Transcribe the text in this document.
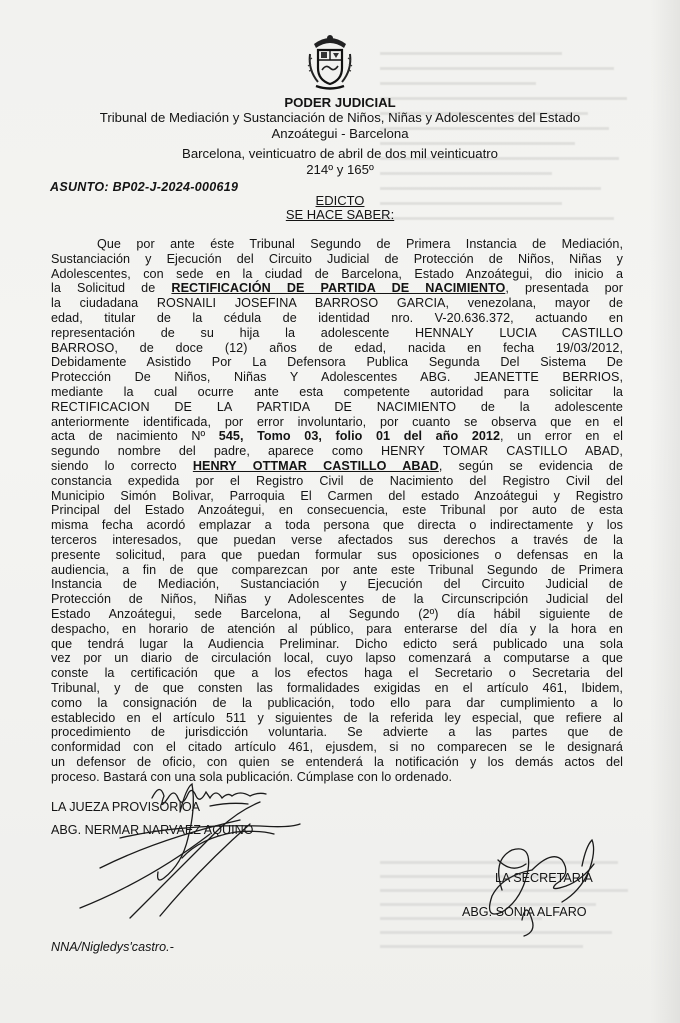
PODER JUDICIAL
Tribunal de Mediación y Sustanciación de Niños, Niñas y Adolescentes del Estado
Anzoátegui - Barcelona
Barcelona, veinticuatro de abril de dos mil veinticuatro
214º y 165º
ASUNTO: BP02-J-2024-000619
EDICTO
SE HACE SABER:
Que por ante éste Tribunal Segundo de Primera Instancia de Mediación,
Sustanciación y Ejecución del Circuito Judicial de Protección de Niños, Niñas y
Adolescentes, con sede en la ciudad de Barcelona, Estado Anzoátegui, dio inicio a
la Solicitud de RECTIFICACIÓN DE PARTIDA DE NACIMIENTO, presentada por
la ciudadana ROSNAILI JOSEFINA BARROSO GARCIA, venezolana, mayor de
edad, titular de la cédula de identidad nro. V-20.636.372, actuando en
representación de su hija la adolescente HENNALY LUCIA CASTILLO
BARROSO, de doce (12) años de edad, nacida en fecha 19/03/2012,
Debidamente Asistido Por La Defensora Publica Segunda Del Sistema De
Protección De Niños, Niñas Y Adolescentes ABG. JEANETTE BERRIOS,
mediante la cual ocurre ante esta competente autoridad para solicitar la
RECTIFICACION DE LA PARTIDA DE NACIMIENTO de la adolescente
anteriormente identificada, por error involuntario, por cuanto se observa que en el
acta de nacimiento Nº 545, Tomo 03, folio 01 del año 2012, un error en el
segundo nombre del padre, aparece como HENRY TOMAR CASTILLO ABAD,
siendo lo correcto HENRY OTTMAR CASTILLO ABAD, según se evidencia de
constancia expedida por el Registro Civil de Nacimiento del Registro Civil del
Municipio Simón Bolivar, Parroquia El Carmen del estado Anzoátegui y Registro
Principal del Estado Anzoátegui, en consecuencia, este Tribunal por auto de esta
misma fecha acordó emplazar a toda persona que directa o indirectamente y los
terceros interesados, que puedan verse afectados sus derechos a través de la
presente solicitud, para que puedan formular sus oposiciones o defensas en la
audiencia, a fin de que comparezcan por ante este Tribunal Segundo de Primera
Instancia de Mediación, Sustanciación y Ejecución del Circuito Judicial de
Protección de Niños, Niñas y Adolescentes de la Circunscripción Judicial del
Estado Anzoátegui, sede Barcelona, al Segundo (2º) día hábil siguiente de
despacho, en horario de atención al público, para enterarse del día y la hora en
que tendrá lugar la Audiencia Preliminar. Dicho edicto será publicado una sola
vez por un diario de circulación local, cuyo lapso comenzará a computarse a que
conste la certificación que a los efectos haga el Secretario o Secretaria del
Tribunal, y de que consten las formalidades exigidas en el artículo 461, Ibidem,
como la consignación de la publicación, todo ello para dar cumplimiento a lo
establecido en el artículo 511 y siguientes de la referida ley especial, que refiere al
procedimiento de jurisdicción voluntaria. Se advierte a las partes que de
conformidad con el citado artículo 461, ejusdem, si no comparecen se le designará
un defensor de oficio, con quien se entenderá la notificación y los demás actos del
proceso. Bastará con una sola publicación. Cúmplase con lo ordenado.
LA JUEZA PROVISORIOA
ABG. NERMAR NARVAEZ AQUINO
LA SECRETARIA
ABG. SONIA ALFARO
NNA/Nigledys'castro.-
